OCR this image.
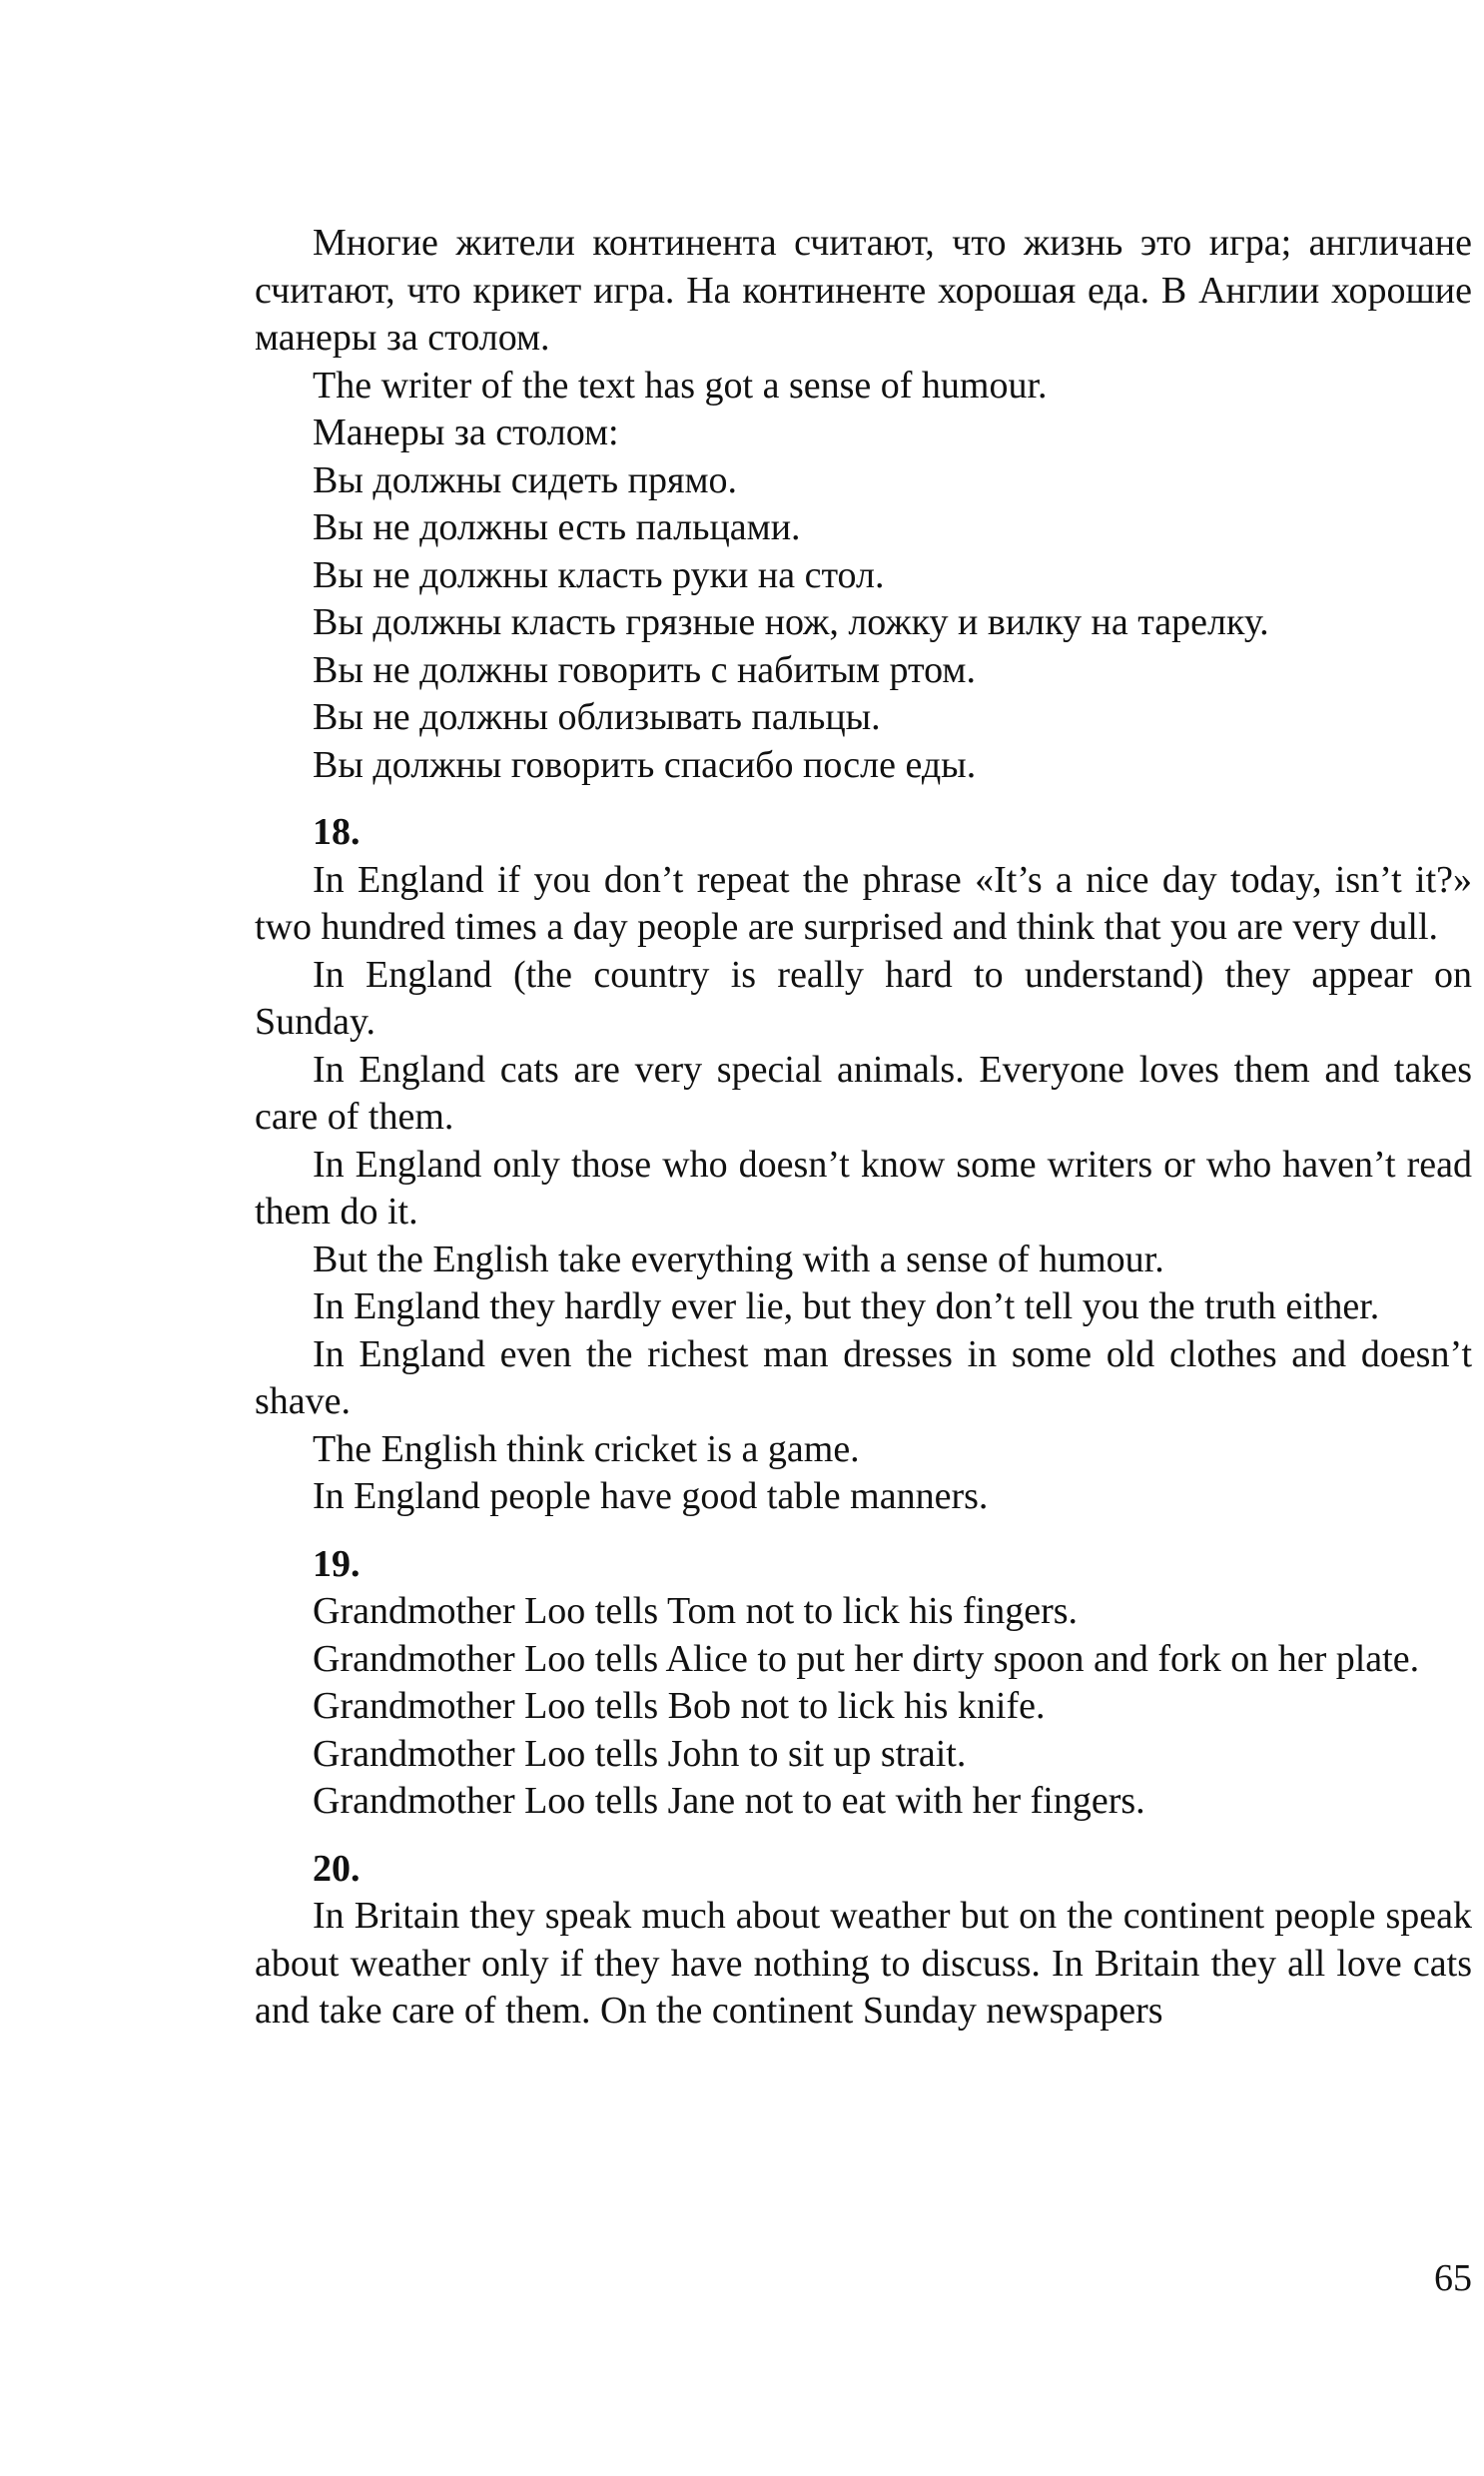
Многие жители континента считают, что жизнь это игра; англичане считают, что крикет игра. На континенте хорошая еда. В Англии хорошие манеры за столом.

The writer of the text has got a sense of humour.

Манеры за столом:

Вы должны сидеть прямо.

Вы не должны есть пальцами.

Вы не должны класть руки на стол.

Вы должны класть грязные нож, ложку и вилку на тарелку.

Вы не должны говорить с набитым ртом.

Вы не должны облизывать пальцы.

Вы должны говорить спасибо после еды.

18.

In England if you don’t repeat the phrase «It’s a nice day today, isn’t it?» two hundred times a day people are surprised and think that you are very dull.

In England (the country is really hard to understand) they appear on Sunday.

In England cats are very special animals. Everyone loves them and takes care of them.

In England only those who doesn’t know some writers or who haven’t read them do it.

But the English take everything with a sense of humour.

In England they hardly ever lie, but they don’t tell you the truth either.

In England even the richest man dresses in some old clothes and doesn’t shave.

The English think cricket is a game.

In England people have good table manners.

19.

Grandmother Loo tells Tom not to lick his fingers.

Grandmother Loo tells Alice to put her dirty spoon and fork on her plate.

Grandmother Loo tells Bob not to lick his knife.

Grandmother Loo tells John to sit up strait.

Grandmother Loo tells Jane not to eat with her fingers.

20.

In Britain they speak much about weather but on the continent people speak about weather only if they have nothing to discuss. In Britain they all love cats and take care of them. On the continent Sunday newspapers

65
